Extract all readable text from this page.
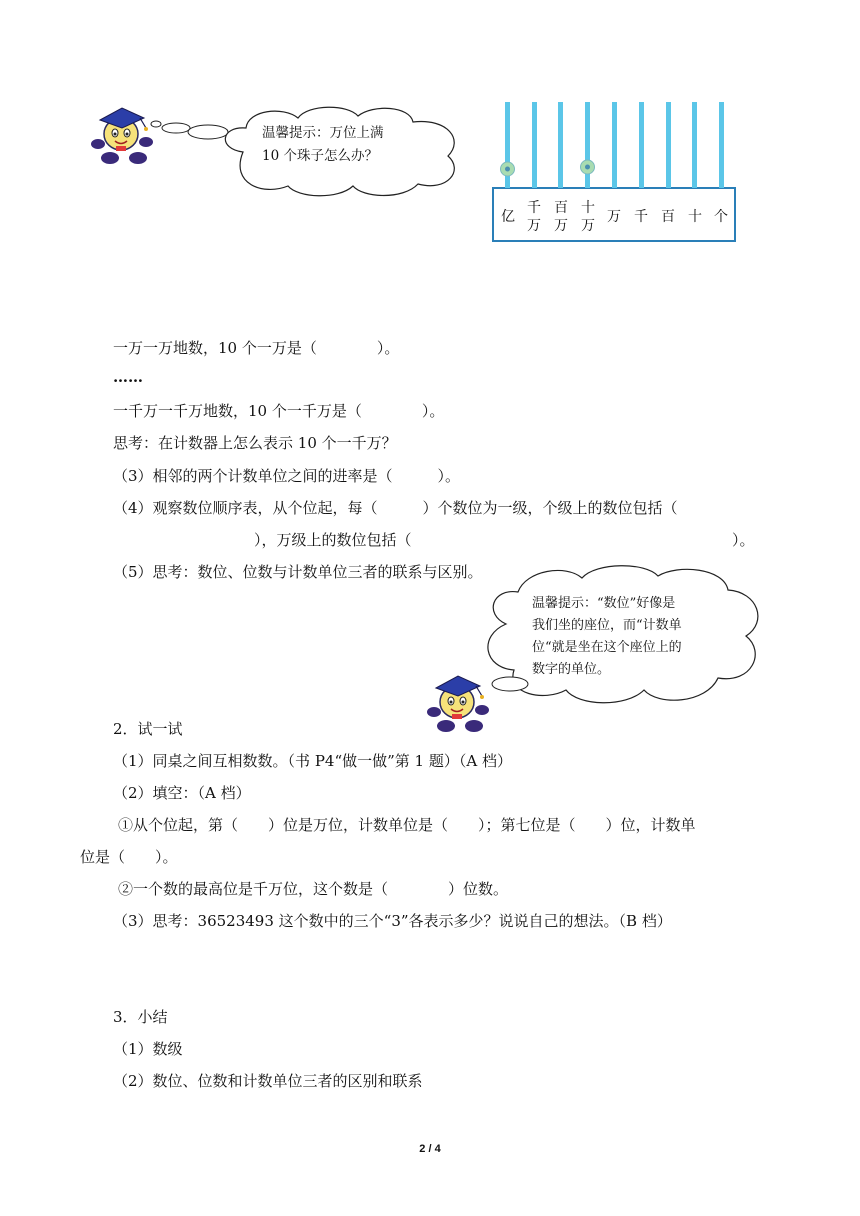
温馨提示：万位上满
10 个珠子怎么办？
亿
千
万
百
万
十
万
万 千 百 十 个
一万一万地数，10 个一万是（　　　　）。
……
一千万一千万地数，10 个一千万是（　　　　）。
思考：在计数器上怎么表示 10 个一千万？
（3）相邻的两个计数单位之间的进率是（　　　）。
（4）观察数位顺序表，从个位起，每（　　　）个数位为一级，个级上的数位包括（
），万级上的数位包括（	）。
（5）思考：数位、位数与计数单位三者的联系与区别。
温馨提示：“数位”好像是
我们坐的座位，而“计数单
位“就是坐在这个座位上的
数字的单位。
2．试一试
（1）同桌之间互相数数。（书 P4“做一做”第 1 题）（A 档）
（2）填空：（A 档）
①从个位起，第（　　）位是万位，计数单位是（　　）；第七位是（　　）位，计数单
位是（　　）。
②一个数的最高位是千万位，这个数是（　　　　）位数。
（3）思考：36523493 这个数中的三个“3”各表示多少？说说自己的想法。（B 档）
3．小结
（1）数级
（2）数位、位数和计数单位三者的区别和联系
2 / 4
